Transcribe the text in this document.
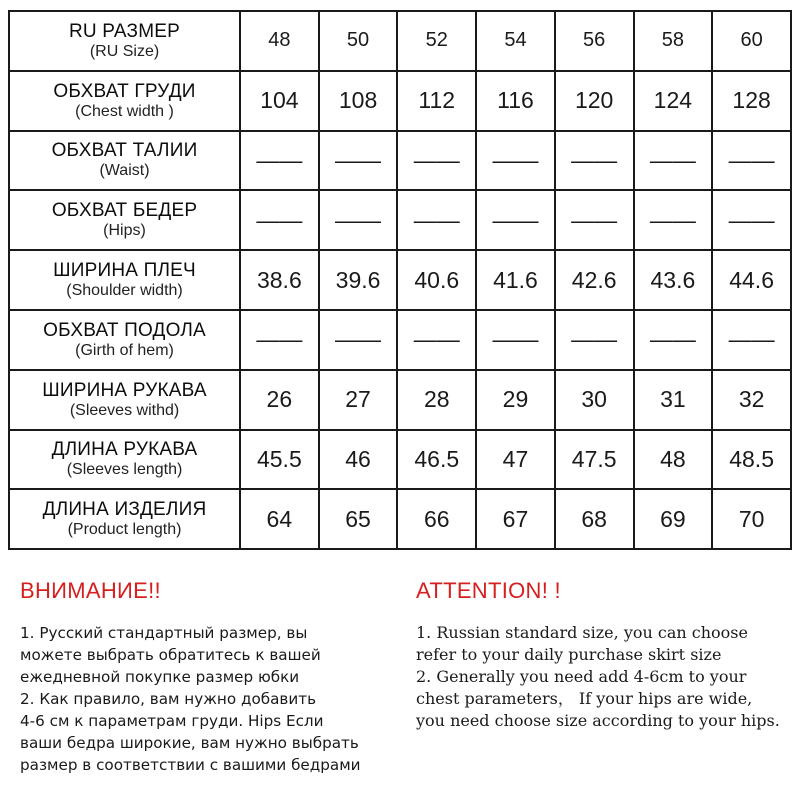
RU РАЗМЕР
(RU Size)	48	50	52	54	56	58	60

ОБХВАТ ГРУДИ
(Chest width )	104	108	112	116	120	124	128

ОБХВАТ ТАЛИИ
(Waist)	——	——	——	——	——	——	——

ОБХВАТ БЕДЕР
(Hips)	——	——	——	——	——	——	——

ШИРИНА ПЛЕЧ
(Shoulder width)	38.6	39.6	40.6	41.6	42.6	43.6	44.6

ОБХВАТ ПОДОЛА
(Girth of hem)	——	——	——	——	——	——	——

ШИРИНА РУКАВА
(Sleeves withd)	26	27	28	29	30	31	32

ДЛИНА РУКАВА
(Sleeves length)	45.5	46	46.5	47	47.5	48	48.5

ДЛИНА ИЗДЕЛИЯ
(Product length)	64	65	66	67	68	69	70
ВНИМАНИЕ!!

1. Русский стандартный размер, вы

можете выбрать обратитесь к вашей

ежедневной покупке размер юбки

2. Как правило, вам нужно добавить

4-6 см к параметрам груди. Hips Если

ваши бедра широкие, вам нужно выбрать

размер в соответствии с вашими бедрами

ATTENTION! !

1. Russian standard size, you can choose

refer to your daily purchase skirt size

2. Generally you need add 4-6cm to your

chest parameters， If your hips are wide,

you need choose size according to your hips.
